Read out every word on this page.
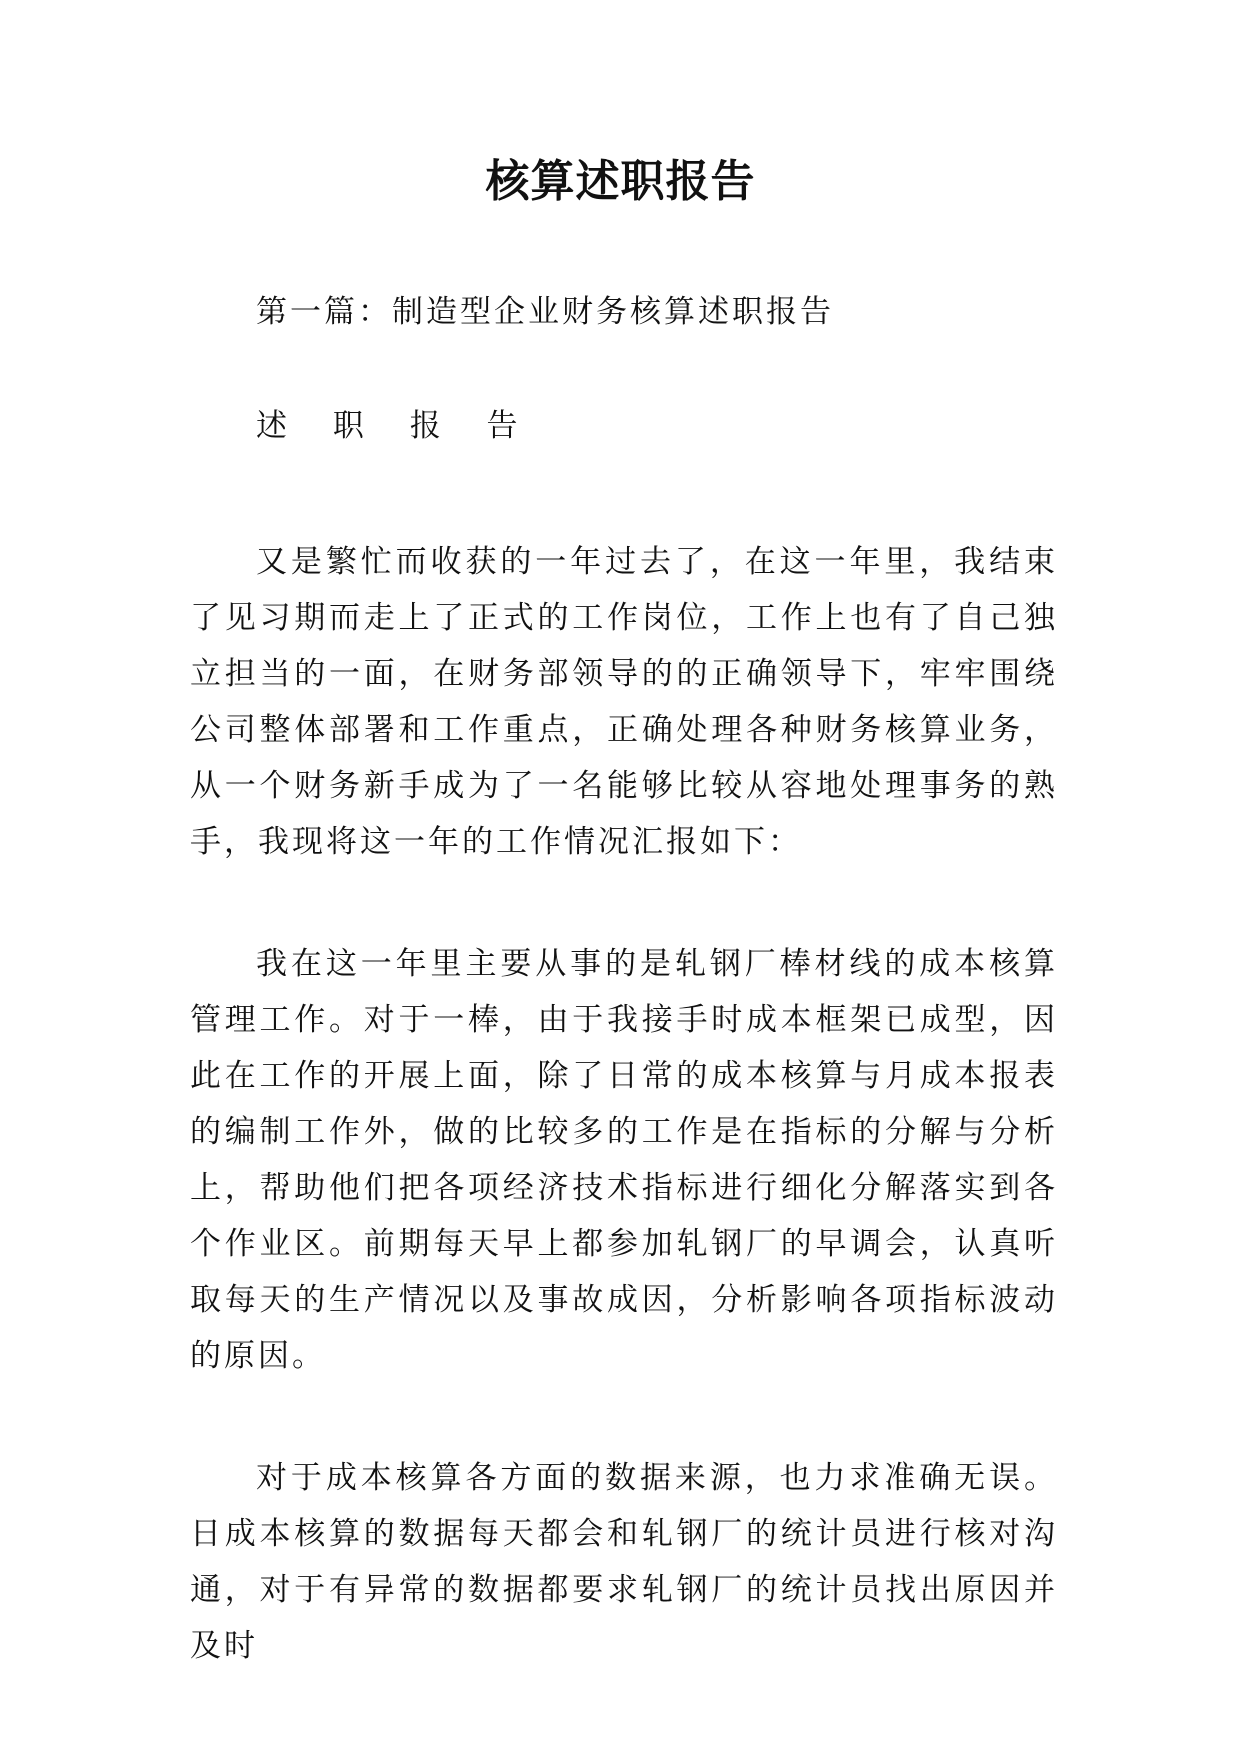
核算述职报告

第一篇：制造型企业财务核算述职报告

述 职 报 告

又是繁忙而收获的一年过去了，在这一年里，我结束了见习期而走上了正式的工作岗位，工作上也有了自己独立担当的一面，在财务部领导的的正确领导下，牢牢围绕公司整体部署和工作重点，正确处理各种财务核算业务，从一个财务新手成为了一名能够比较从容地处理事务的熟手，我现将这一年的工作情况汇报如下：

我在这一年里主要从事的是轧钢厂棒材线的成本核算管理工作。对于一棒，由于我接手时成本框架已成型，因此在工作的开展上面，除了日常的成本核算与月成本报表的编制工作外，做的比较多的工作是在指标的分解与分析上，帮助他们把各项经济技术指标进行细化分解落实到各个作业区。前期每天早上都参加轧钢厂的早调会，认真听取每天的生产情况以及事故成因，分析影响各项指标波动的原因。

对于成本核算各方面的数据来源，也力求准确无误。日成本核算的数据每天都会和轧钢厂的统计员进行核对沟通，对于有异常的数据都要求轧钢厂的统计员找出原因并及时
